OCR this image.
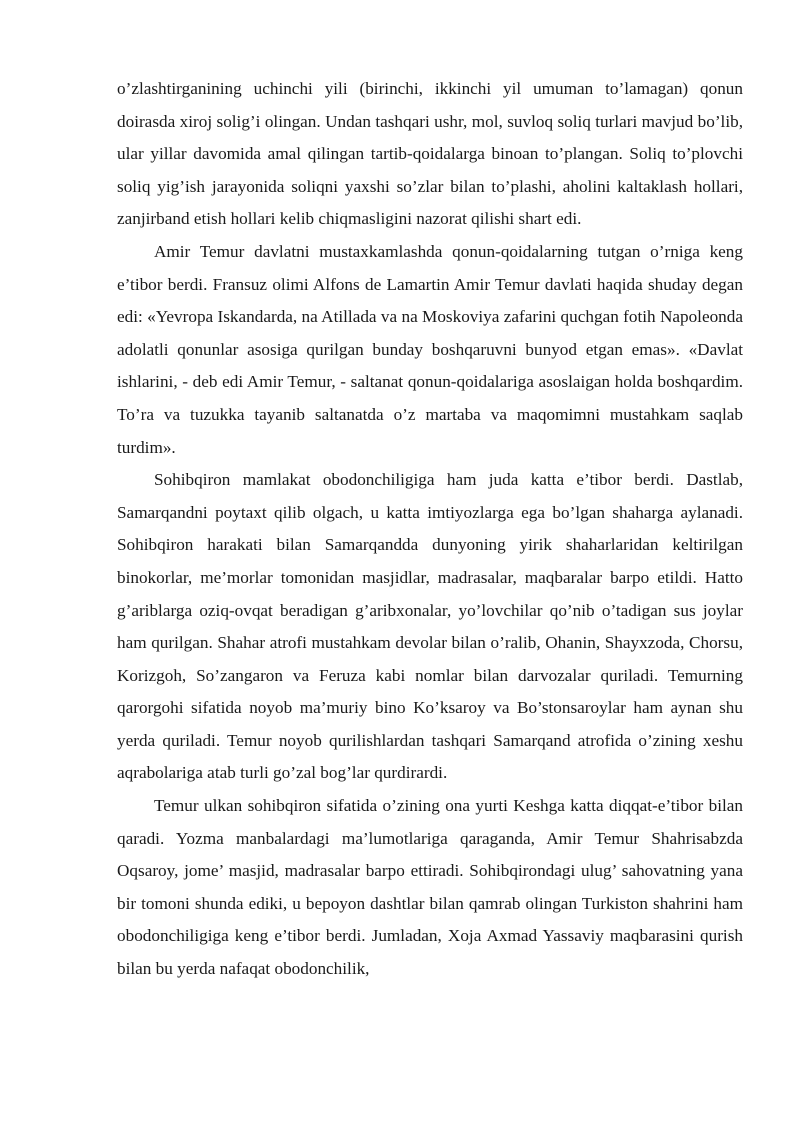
o’zlashtirganining uchinchi yili (birinchi, ikkinchi yil umuman to’lamagan) qonun doirasda xiroj solig’i olingan. Undan tashqari ushr, mol, suvloq soliq turlari mavjud bo’lib, ular yillar davomida amal qilingan tartib-qoidalarga binoan to’plangan. Soliq to’plovchi soliq yig’ish jarayonida soliqni yaxshi so’zlar bilan to’plashi, aholini kaltaklash hollari, zanjirband etish hollari kelib chiqmasligini nazorat qilishi shart edi.

Amir Temur davlatni mustaxkamlashda qonun-qoidalarning tutgan o’rniga keng e’tibor berdi. Fransuz olimi Alfons de Lamartin Amir Temur davlati haqida shuday degan edi: «Yevropa Iskandarda, na Atillada va na Moskoviya zafarini quchgan fotih Napoleonda adolatli qonunlar asosiga qurilgan bunday boshqaruvni bunyod etgan emas». «Davlat ishlarini, - deb edi Amir Temur, - saltanat qonun-qoidalariga asoslaigan holda boshqardim. To’ra va tuzukka tayanib saltanatda o’z martaba va maqomimni mustahkam saqlab turdim».

Sohibqiron mamlakat obodonchiligiga ham juda katta e’tibor berdi. Dastlab, Samarqandni poytaxt qilib olgach, u katta imtiyozlarga ega bo’lgan shaharga aylanadi. Sohibqiron harakati bilan Samarqandda dunyoning yirik shaharlaridan keltirilgan binokorlar, me’morlar tomonidan masjidlar, madrasalar, maqbaralar barpo etildi. Hatto g’ariblarga oziq-ovqat beradigan g’aribxonalar, yo’lovchilar qo’nib o’tadigan sus joylar ham qurilgan. Shahar atrofi mustahkam devolar bilan o’ralib, Ohanin, Shayxzoda, Chorsu, Korizgoh, So’zangaron va Feruza kabi nomlar bilan darvozalar quriladi. Temurning qarorgohi sifatida noyob ma’muriy bino Ko’ksaroy va Bo’stonsaroylar ham aynan shu yerda quriladi. Temur noyob qurilishlardan tashqari Samarqand atrofida o’zining xeshu aqrabolariga atab turli go’zal bog’lar qurdirardi.

Temur ulkan sohibqiron sifatida o’zining ona yurti Keshga katta diqqat-e’tibor bilan qaradi. Yozma manbalardagi ma’lumotlariga qaraganda, Amir Temur Shahrisabzda Oqsaroy, jome’ masjid, madrasalar barpo ettiradi. Sohibqirondagi ulug’ sahovatning yana bir tomoni shunda ediki, u bepoyon dashtlar bilan qamrab olingan Turkiston shahrini ham obodonchiligiga keng e’tibor berdi. Jumladan, Xoja Axmad Yassaviy maqbarasini qurish bilan bu yerda nafaqat obodonchilik,
